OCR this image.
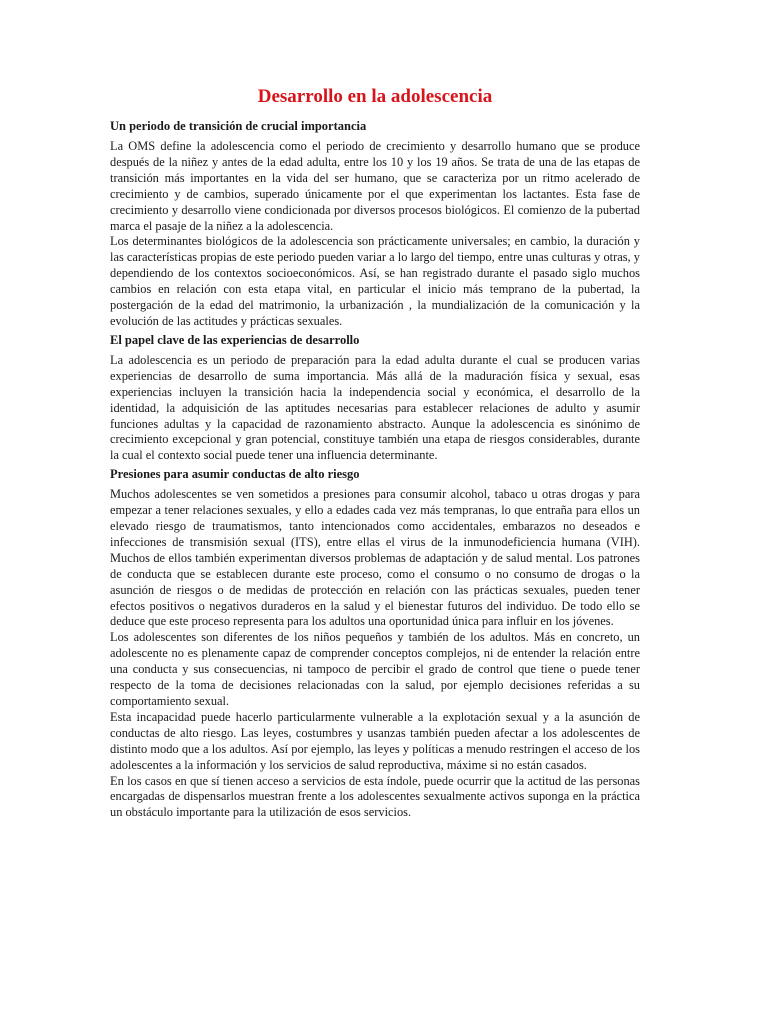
Desarrollo en la adolescencia
Un periodo de transición de crucial importancia

La OMS define la adolescencia como el periodo de crecimiento y desarrollo humano que se produce después de la niñez y antes de la edad adulta, entre los 10 y los 19 años. Se trata de una de las etapas de transición más importantes en la vida del ser humano, que se caracteriza por un ritmo acelerado de crecimiento y de cambios, superado únicamente por el que experimentan los lactantes. Esta fase de crecimiento y desarrollo viene condicionada por diversos procesos biológicos. El comienzo de la pubertad marca el pasaje de la niñez a la adolescencia.

Los determinantes biológicos de la adolescencia son prácticamente universales; en cambio, la duración y las características propias de este periodo pueden variar a lo largo del tiempo, entre unas culturas y otras, y dependiendo de los contextos socioeconómicos. Así, se han registrado durante el pasado siglo muchos cambios en relación con esta etapa vital, en particular el inicio más temprano de la pubertad, la postergación de la edad del matrimonio, la urbanización , la mundialización de la comunicación y la evolución de las actitudes y prácticas sexuales.

El papel clave de las experiencias de desarrollo

La adolescencia es un periodo de preparación para la edad adulta durante el cual se producen varias experiencias de desarrollo de suma importancia. Más allá de la maduración física y sexual, esas experiencias incluyen la transición hacia la independencia social y económica, el desarrollo de la identidad, la adquisición de las aptitudes necesarias para establecer relaciones de adulto y asumir funciones adultas y la capacidad de razonamiento abstracto. Aunque la adolescencia es sinónimo de crecimiento excepcional y gran potencial, constituye también una etapa de riesgos considerables, durante la cual el contexto social puede tener una influencia determinante.

Presiones para asumir conductas de alto riesgo

Muchos adolescentes se ven sometidos a presiones para consumir alcohol, tabaco u otras drogas y para empezar a tener relaciones sexuales, y ello a edades cada vez más tempranas, lo que entraña para ellos un elevado riesgo de traumatismos, tanto intencionados como accidentales, embarazos no deseados e infecciones de transmisión sexual (ITS), entre ellas el virus de la inmunodeficiencia humana (VIH). Muchos de ellos también experimentan diversos problemas de adaptación y de salud mental. Los patrones de conducta que se establecen durante este proceso, como el consumo o no consumo de drogas o la asunción de riesgos o de medidas de protección en relación con las prácticas sexuales, pueden tener efectos positivos o negativos duraderos en la salud y el bienestar futuros del individuo. De todo ello se deduce que este proceso representa para los adultos una oportunidad única para influir en los jóvenes.

Los adolescentes son diferentes de los niños pequeños y también de los adultos. Más en concreto, un adolescente no es plenamente capaz de comprender conceptos complejos, ni de entender la relación entre una conducta y sus consecuencias, ni tampoco de percibir el grado de control que tiene o puede tener respecto de la toma de decisiones relacionadas con la salud, por ejemplo decisiones referidas a su comportamiento sexual.

Esta incapacidad puede hacerlo particularmente vulnerable a la explotación sexual y a la asunción de conductas de alto riesgo. Las leyes, costumbres y usanzas también pueden afectar a los adolescentes de distinto modo que a los adultos. Así por ejemplo, las leyes y políticas a menudo restringen el acceso de los adolescentes a la información y los servicios de salud reproductiva, máxime si no están casados.

En los casos en que sí tienen acceso a servicios de esta índole, puede ocurrir que la actitud de las personas encargadas de dispensarlos muestran frente a los adolescentes sexualmente activos suponga en la práctica un obstáculo importante para la utilización de esos servicios.
